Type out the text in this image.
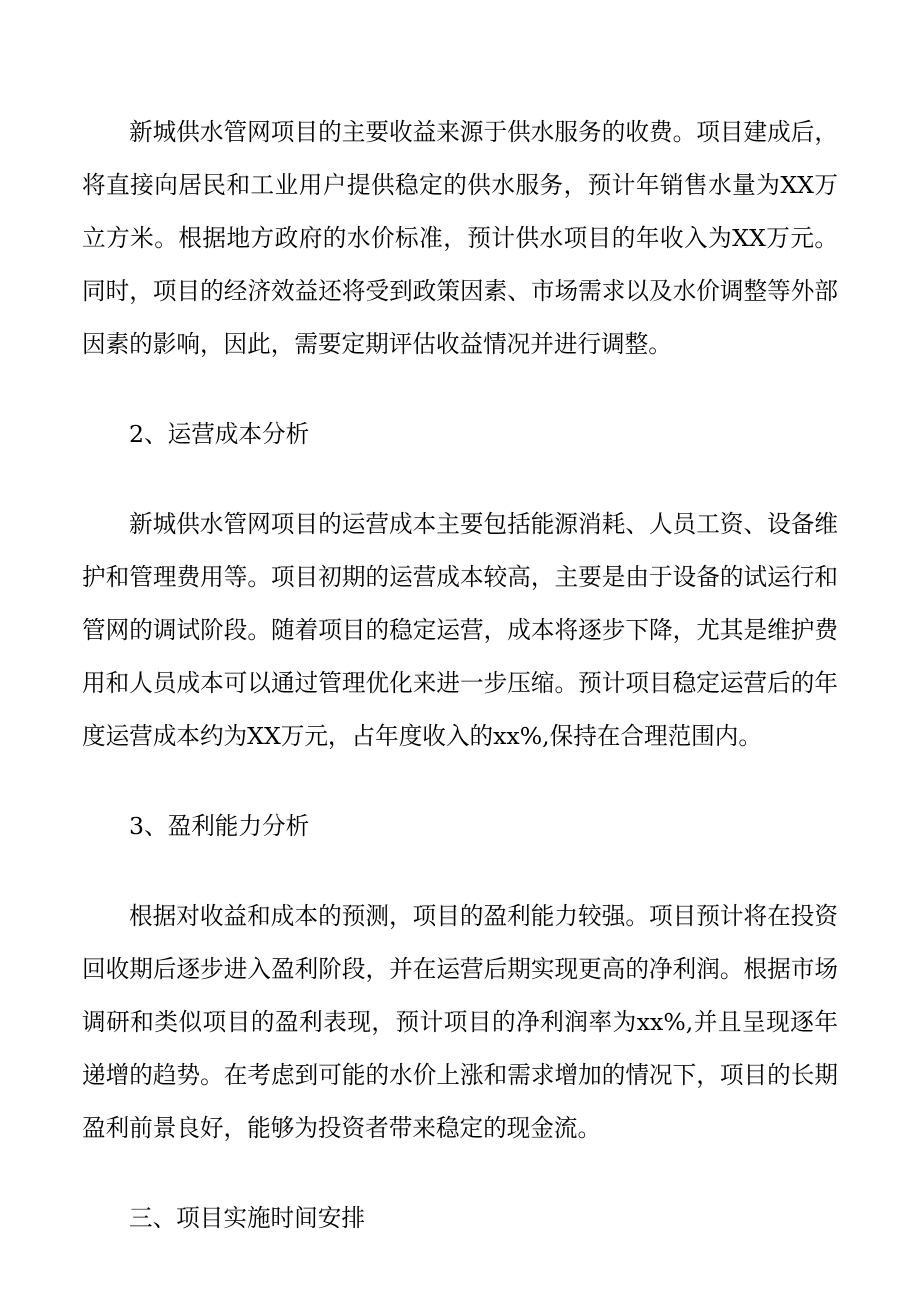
新城供水管网项目的主要收益来源于供水服务的收费。项目建成后，将直接向居民和工业用户提供稳定的供水服务，预计年销售水量为XX万立方米。根据地方政府的水价标准，预计供水项目的年收入为XX万元。同时，项目的经济效益还将受到政策因素、市场需求以及水价调整等外部因素的影响，因此，需要定期评估收益情况并进行调整。

2、运营成本分析

新城供水管网项目的运营成本主要包括能源消耗、人员工资、设备维护和管理费用等。项目初期的运营成本较高，主要是由于设备的试运行和管网的调试阶段。随着项目的稳定运营，成本将逐步下降，尤其是维护费用和人员成本可以通过管理优化来进一步压缩。预计项目稳定运营后的年度运营成本约为XX万元，占年度收入的xx%,保持在合理范围内。

3、盈利能力分析

根据对收益和成本的预测，项目的盈利能力较强。项目预计将在投资回收期后逐步进入盈利阶段，并在运营后期实现更高的净利润。根据市场调研和类似项目的盈利表现，预计项目的净利润率为xx%,并且呈现逐年递增的趋势。在考虑到可能的水价上涨和需求增加的情况下，项目的长期盈利前景良好，能够为投资者带来稳定的现金流。

三、项目实施时间安排
